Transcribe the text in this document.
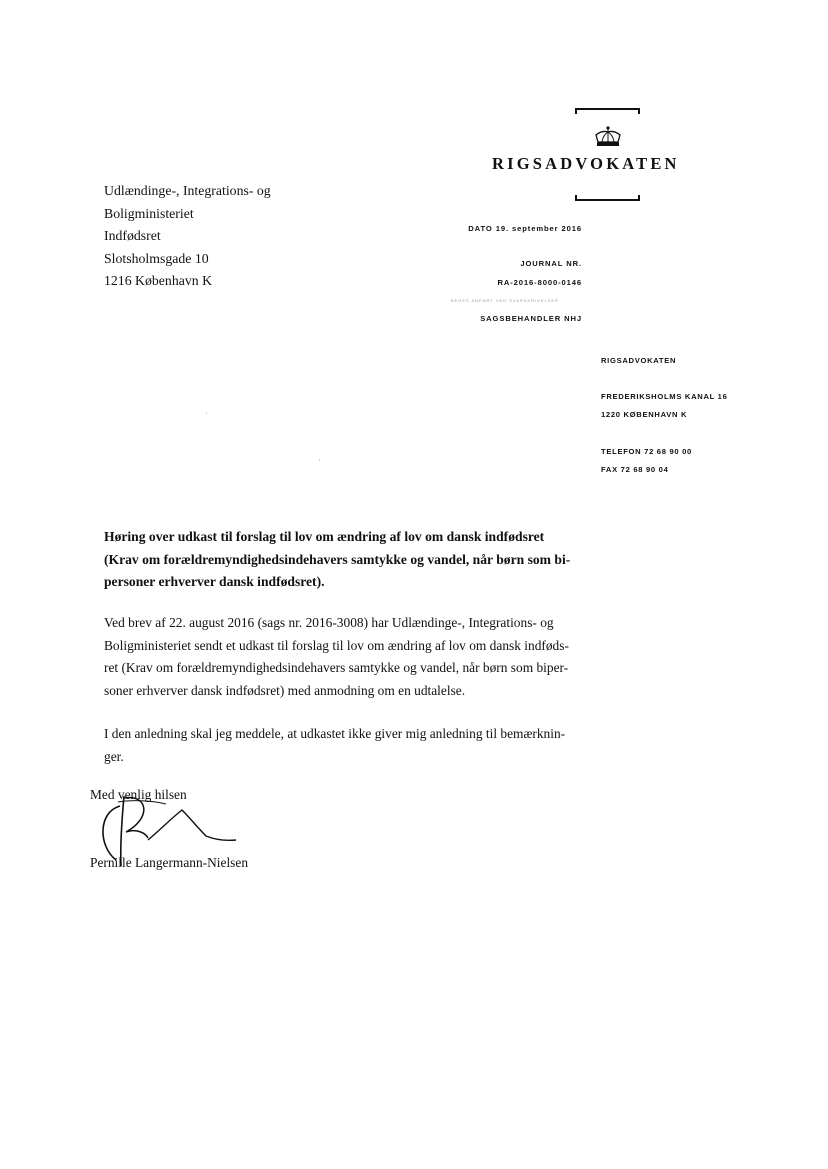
RIGSADVOKATEN
Udlændinge-, Integrations- og
Boligministeriet
Indfødsret
Slotsholmsgade 10
1216 København K
DATO 19. september 2016
JOURNAL NR.
RA-2016-8000-0146
BEDES ANFØRT VED SVARSKRIVELSER
SAGSBEHANDLER NHJ
RIGSADVOKATEN
FREDERIKSHOLMS KANAL 16
1220 KØBENHAVN K
TELEFON 72 68 90 00
FAX 72 68 90 04
Høring over udkast til forslag til lov om ændring af lov om dansk indfødsret
(Krav om forældremyndighedsindehavers samtykke og vandel, når børn som bi-
personer erhverver dansk indfødsret).
Ved brev af 22. august 2016 (sags nr. 2016-3008) har Udlændinge-, Integrations- og
Boligministeriet sendt et udkast til forslag til lov om ændring af lov om dansk indføds-
ret (Krav om forældremyndighedsindehavers samtykke og vandel, når børn som biper-
soner erhverver dansk indfødsret) med anmodning om en udtalelse.
I den anledning skal jeg meddele, at udkastet ikke giver mig anledning til bemærknin-
ger.
Med venlig hilsen
Pernille Langermann-Nielsen
